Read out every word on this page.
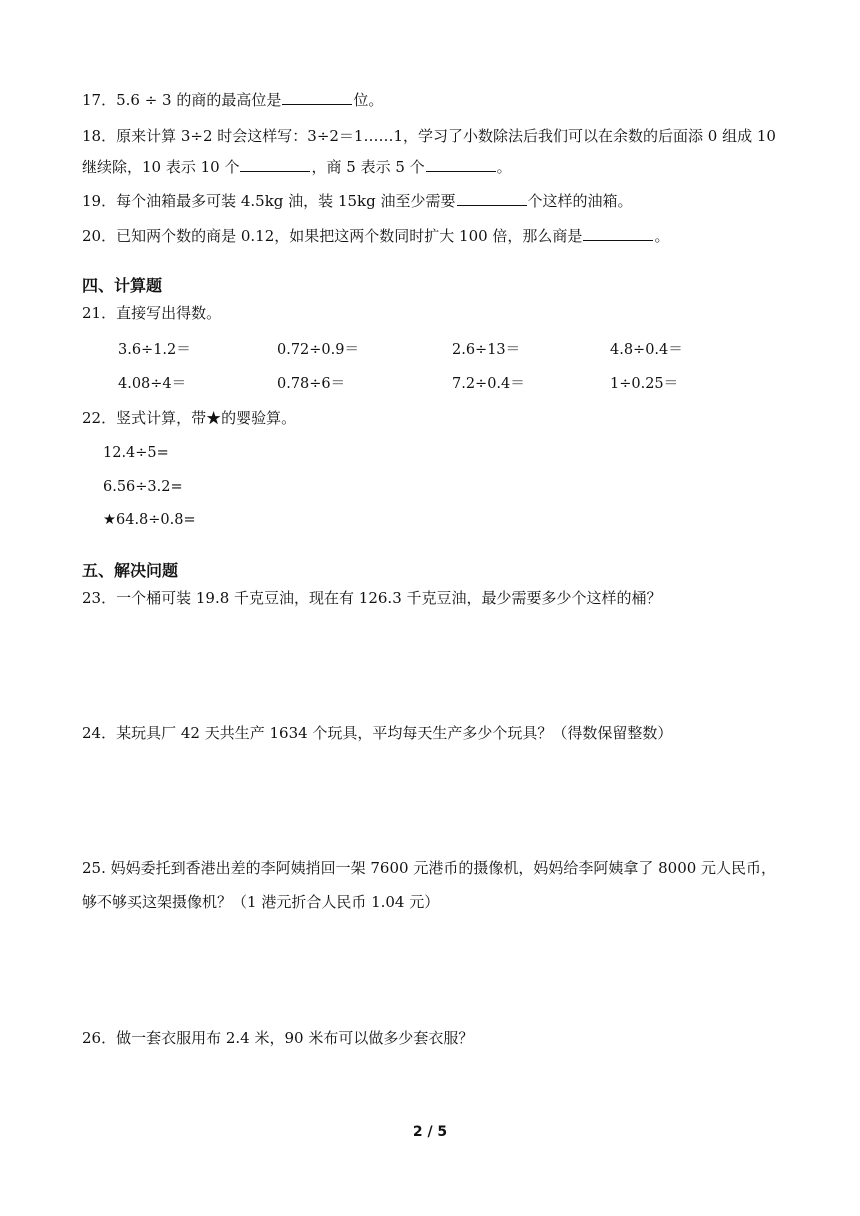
17．5.6 ÷ 3 的商的最高位是	位。
18．原来计算 3÷2 时会这样写：3÷2＝1……1，学习了小数除法后我们可以在余数的后面添 0 组成 10
继续除，10 表示 10 个	，商 5 表示 5 个	。
19．每个油箱最多可装 4.5kg 油，装 15kg 油至少需要	个这样的油箱。
20．已知两个数的商是 0.12，如果把这两个数同时扩大 100 倍，那么商是	。
四、计算题
21．直接写出得数。
3.6÷1.2＝	0.72÷0.9＝	2.6÷13＝	4.8÷0.4＝
4.08÷4＝	0.78÷6＝	7.2÷0.4＝	1÷0.25＝
22．竖式计算，带★的婴验算。
12.4÷5=
6.56÷3.2=
★64.8÷0.8=
五、解决问题
23．一个桶可装 19.8 千克豆油，现在有 126.3 千克豆油，最少需要多少个这样的桶？
24．某玩具厂 42 天共生产 1634 个玩具，平均每天生产多少个玩具？（得数保留整数）
25. 妈妈委托到香港出差的李阿姨捎回一架 7600 元港币的摄像机，妈妈给李阿姨拿了 8000 元人民币，
够不够买这架摄像机？（1 港元折合人民币 1.04 元）
26．做一套衣服用布 2.4 米，90 米布可以做多少套衣服？
2 / 5
